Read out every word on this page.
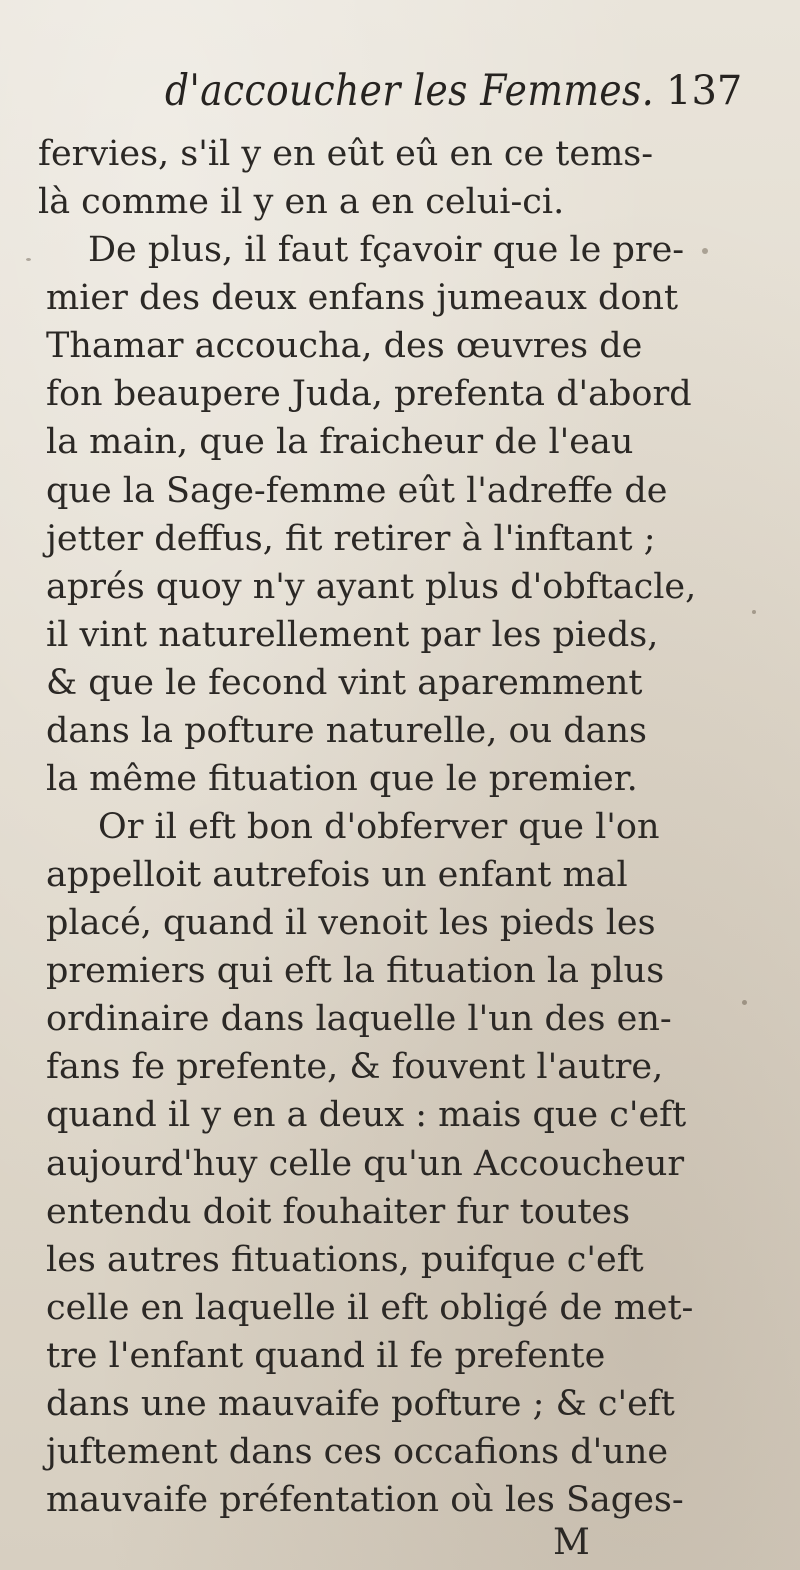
d'accoucher les Femmes. 137
fervies, s'il y en eût eû en ce tems-
là comme il y en a en celui-ci.
De plus, il faut fçavoir que le pre-
mier des deux enfans jumeaux dont
Thamar accoucha, des œuvres de
fon beaupere Juda, prefenta d'abord
la main, que la fraicheur de l'eau
que la Sage-femme eût l'adreffe de
jetter deffus, fit retirer à l'inftant ;
aprés quoy n'y ayant plus d'obftacle,
il vint naturellement par les pieds,
& que le fecond vint aparemment
dans la pofture naturelle, ou dans
la même fituation que le premier.
Or il eft bon d'obferver que l'on
appelloit autrefois un enfant mal
placé, quand il venoit les pieds les
premiers qui eft la fituation la plus
ordinaire dans laquelle l'un des en-
fans fe prefente, & fouvent l'autre,
quand il y en a deux : mais que c'eft
aujourd'huy celle qu'un Accoucheur
entendu doit fouhaiter fur toutes
les autres fituations, puifque c'eft
celle en laquelle il eft obligé de met-
tre l'enfant quand il fe prefente
dans une mauvaife pofture ; & c'eft
juftement dans ces occafions d'une
mauvaife préfentation où les Sages-
M
